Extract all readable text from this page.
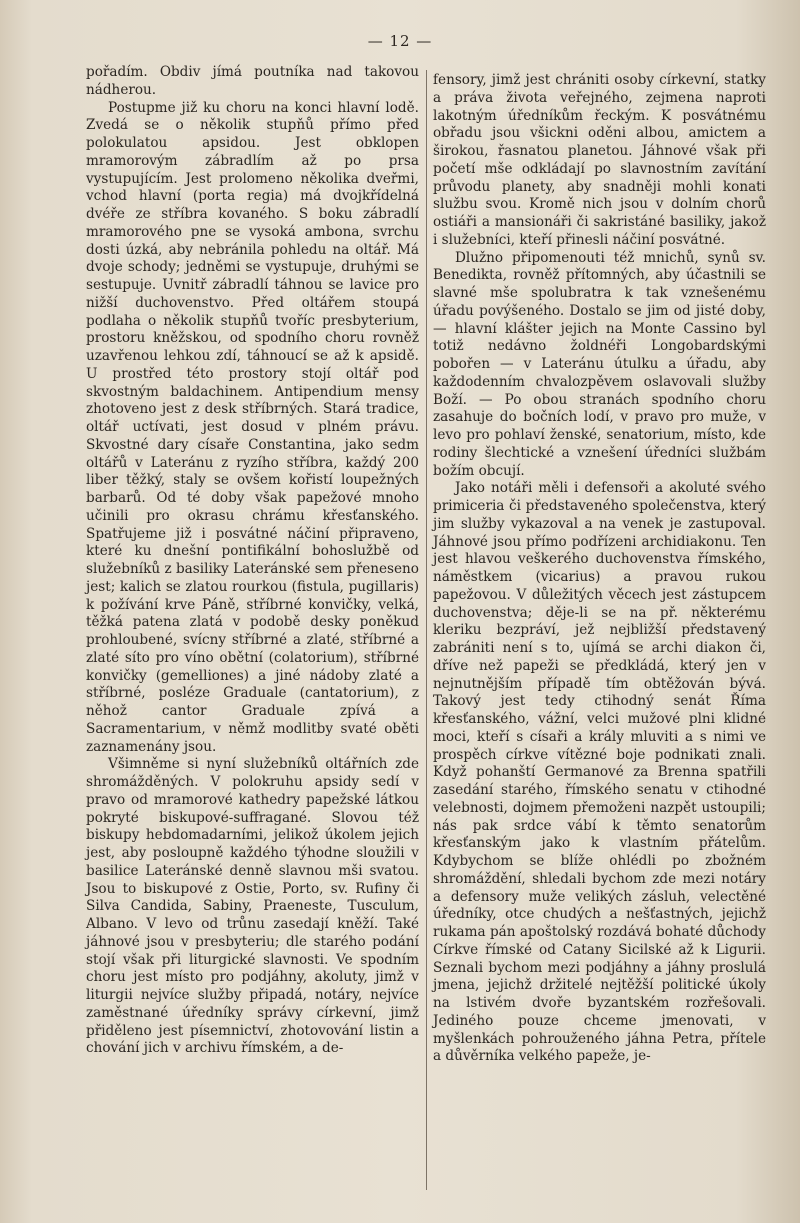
— 12 —

pořadím. Obdiv jímá poutníka nad takovou nádherou.

Postupme již ku choru na konci hlavní lodě. Zvedá se o několik stupňů přímo před polokulatou apsidou. Jest obklopen mramorovým zábradlím až po prsa vystupujícím. Jest prolomeno několika dveřmi, vchod hlavní (porta regia) má dvojkřídelná dvéře ze stříbra kovaného. S boku zábradlí mramorového pne se vysoká ambona, svrchu dosti úzká, aby nebránila pohledu na oltář. Má dvoje schody; jedněmi se vystupuje, druhými se sestupuje. Uvnitř zábradlí táhnou se lavice pro nižší duchovenstvo. Před oltářem stoupá podlaha o několik stupňů tvoříc presbyterium, prostoru kněžskou, od spodního choru rovněž uzavřenou lehkou zdí, táhnoucí se až k apsidě. U prostřed této prostory stojí oltář pod skvostným baldachinem. Antipendium mensy zhotoveno jest z desk stříbrných. Stará tradice, oltář uctívati, jest dosud v plném právu. Skvostné dary císaře Constantina, jako sedm oltářů v Lateránu z ryzího stříbra, každý 200 liber těžký, staly se ovšem kořistí loupežných barbarů. Od té doby však papežové mnoho učinili pro okrasu chrámu křesťanského. Spatřujeme již i posvátné náčiní připraveno, které ku dnešní pontifikální bohoslužbě od služebníků z basiliky Lateránské sem přeneseno jest; kalich se zlatou rourkou (fistula, pugillaris) k požívání krve Páně, stříbrné konvičky, velká, těžká patena zlatá v podobě desky poněkud prohloubené, svícny stříbrné a zlaté, stříbrné a zlaté síto pro víno obětní (colatorium), stříbrné konvičky (gemelliones) a jiné nádoby zlaté a stříbrné, posléze Graduale (cantatorium), z něhož cantor Graduale zpívá a Sacramentarium, v němž modlitby svaté oběti zaznamenány jsou.

Všimněme si nyní služebníků oltářních zde shromážděných. V polokruhu apsidy sedí v pravo od mramorové kathedry papežské látkou pokryté biskupové-suffragané. Slovou též biskupy hebdomadarními, jelikož úkolem jejich jest, aby posloupně každého týhodne sloužili v basilice Lateránské denně slavnou mši svatou. Jsou to biskupové z Ostie, Porto, sv. Rufiny či Silva Candida, Sabiny, Praeneste, Tusculum, Albano. V levo od trůnu zasedají kněží. Také jáhnové jsou v presbyteriu; dle starého podání stojí však při liturgické slavnosti. Ve spodním choru jest místo pro podjáhny, akoluty, jimž v liturgii nejvíce služby připadá, notáry, nejvíce zaměstnané úředníky správy církevní, jimž přiděleno jest písemnictví, zhotovování listin a chování jich v archivu římském, a de-

fensory, jimž jest chrániti osoby církevní, statky a práva života veřejného, zejmena naproti lakotným úředníkům řeckým. K posvátnému obřadu jsou všickni oděni albou, amictem a širokou, řasnatou planetou. Jáhnové však při početí mše odkládají po slavnostním zavítání průvodu planety, aby snadněji mohli konati službu svou. Kromě nich jsou v dolním chorů ostiáři a mansionáři či sakristáné basiliky, jakož i služebníci, kteří přinesli náčiní posvátné.

Dlužno připomenouti též mnichů, synů sv. Benedikta, rovněž přítomných, aby účastnili se slavné mše spolubratra k tak vznešenému úřadu povýšeného. Dostalo se jim od jisté doby, — hlavní klášter jejich na Monte Cassino byl totiž nedávno žoldnéři Longobardskými pobořen — v Lateránu útulku a úřadu, aby každodenním chvalozpěvem oslavovali služby Boží. — Po obou stranách spodního choru zasahuje do bočních lodí, v pravo pro muže, v levo pro pohlaví ženské, senatorium, místo, kde rodiny šlechtické a vznešení úředníci službám božím obcují.

Jako notáři měli i defensoři a akoluté svého primiceria či představeného společenstva, který jim služby vykazoval a na venek je zastupoval. Jáhnové jsou přímo podřízeni archidiakonu. Ten jest hlavou veškerého duchovenstva římského, náměstkem (vicarius) a pravou rukou papežovou. V důležitých věcech jest zástupcem duchovenstva; děje-li se na př. některému kleriku bezpráví, jež nejbližší představený zabrániti není s to, ujímá se archi diakon či, dříve než papeži se předkládá, který jen v nejnutnějším případě tím obtěžován bývá. Takový jest tedy ctihodný senát Říma křesťanského, vážní, velci mužové plni klidné moci, kteří s císaři a krály mluviti a s nimi ve prospěch církve vítězné boje podnikati znali. Když pohanští Germanové za Brenna spatřili zasedání starého, římského senatu v ctihodné velebnosti, dojmem přemoženi nazpět ustoupili; nás pak srdce vábí k těmto senatorům křesťanským jako k vlastním přátelům. Kdybychom se blíže ohlédli po zbožném shromáždění, shledali bychom zde mezi notáry a defensory muže velikých zásluh, velectěné úředníky, otce chudých a nešťastných, jejichž rukama pán apoštolský rozdává bohaté důchody Církve římské od Catany Sicilské až k Ligurii. Seznali bychom mezi podjáhny a jáhny proslulá jmena, jejichž držitelé nejtěžší politické úkoly na lstivém dvoře byzantském rozřešovali. Jediného pouze chceme jmenovati, v myšlenkách pohrouženého jáhna Petra, přítele a důvěrníka velkého papeže, je-
